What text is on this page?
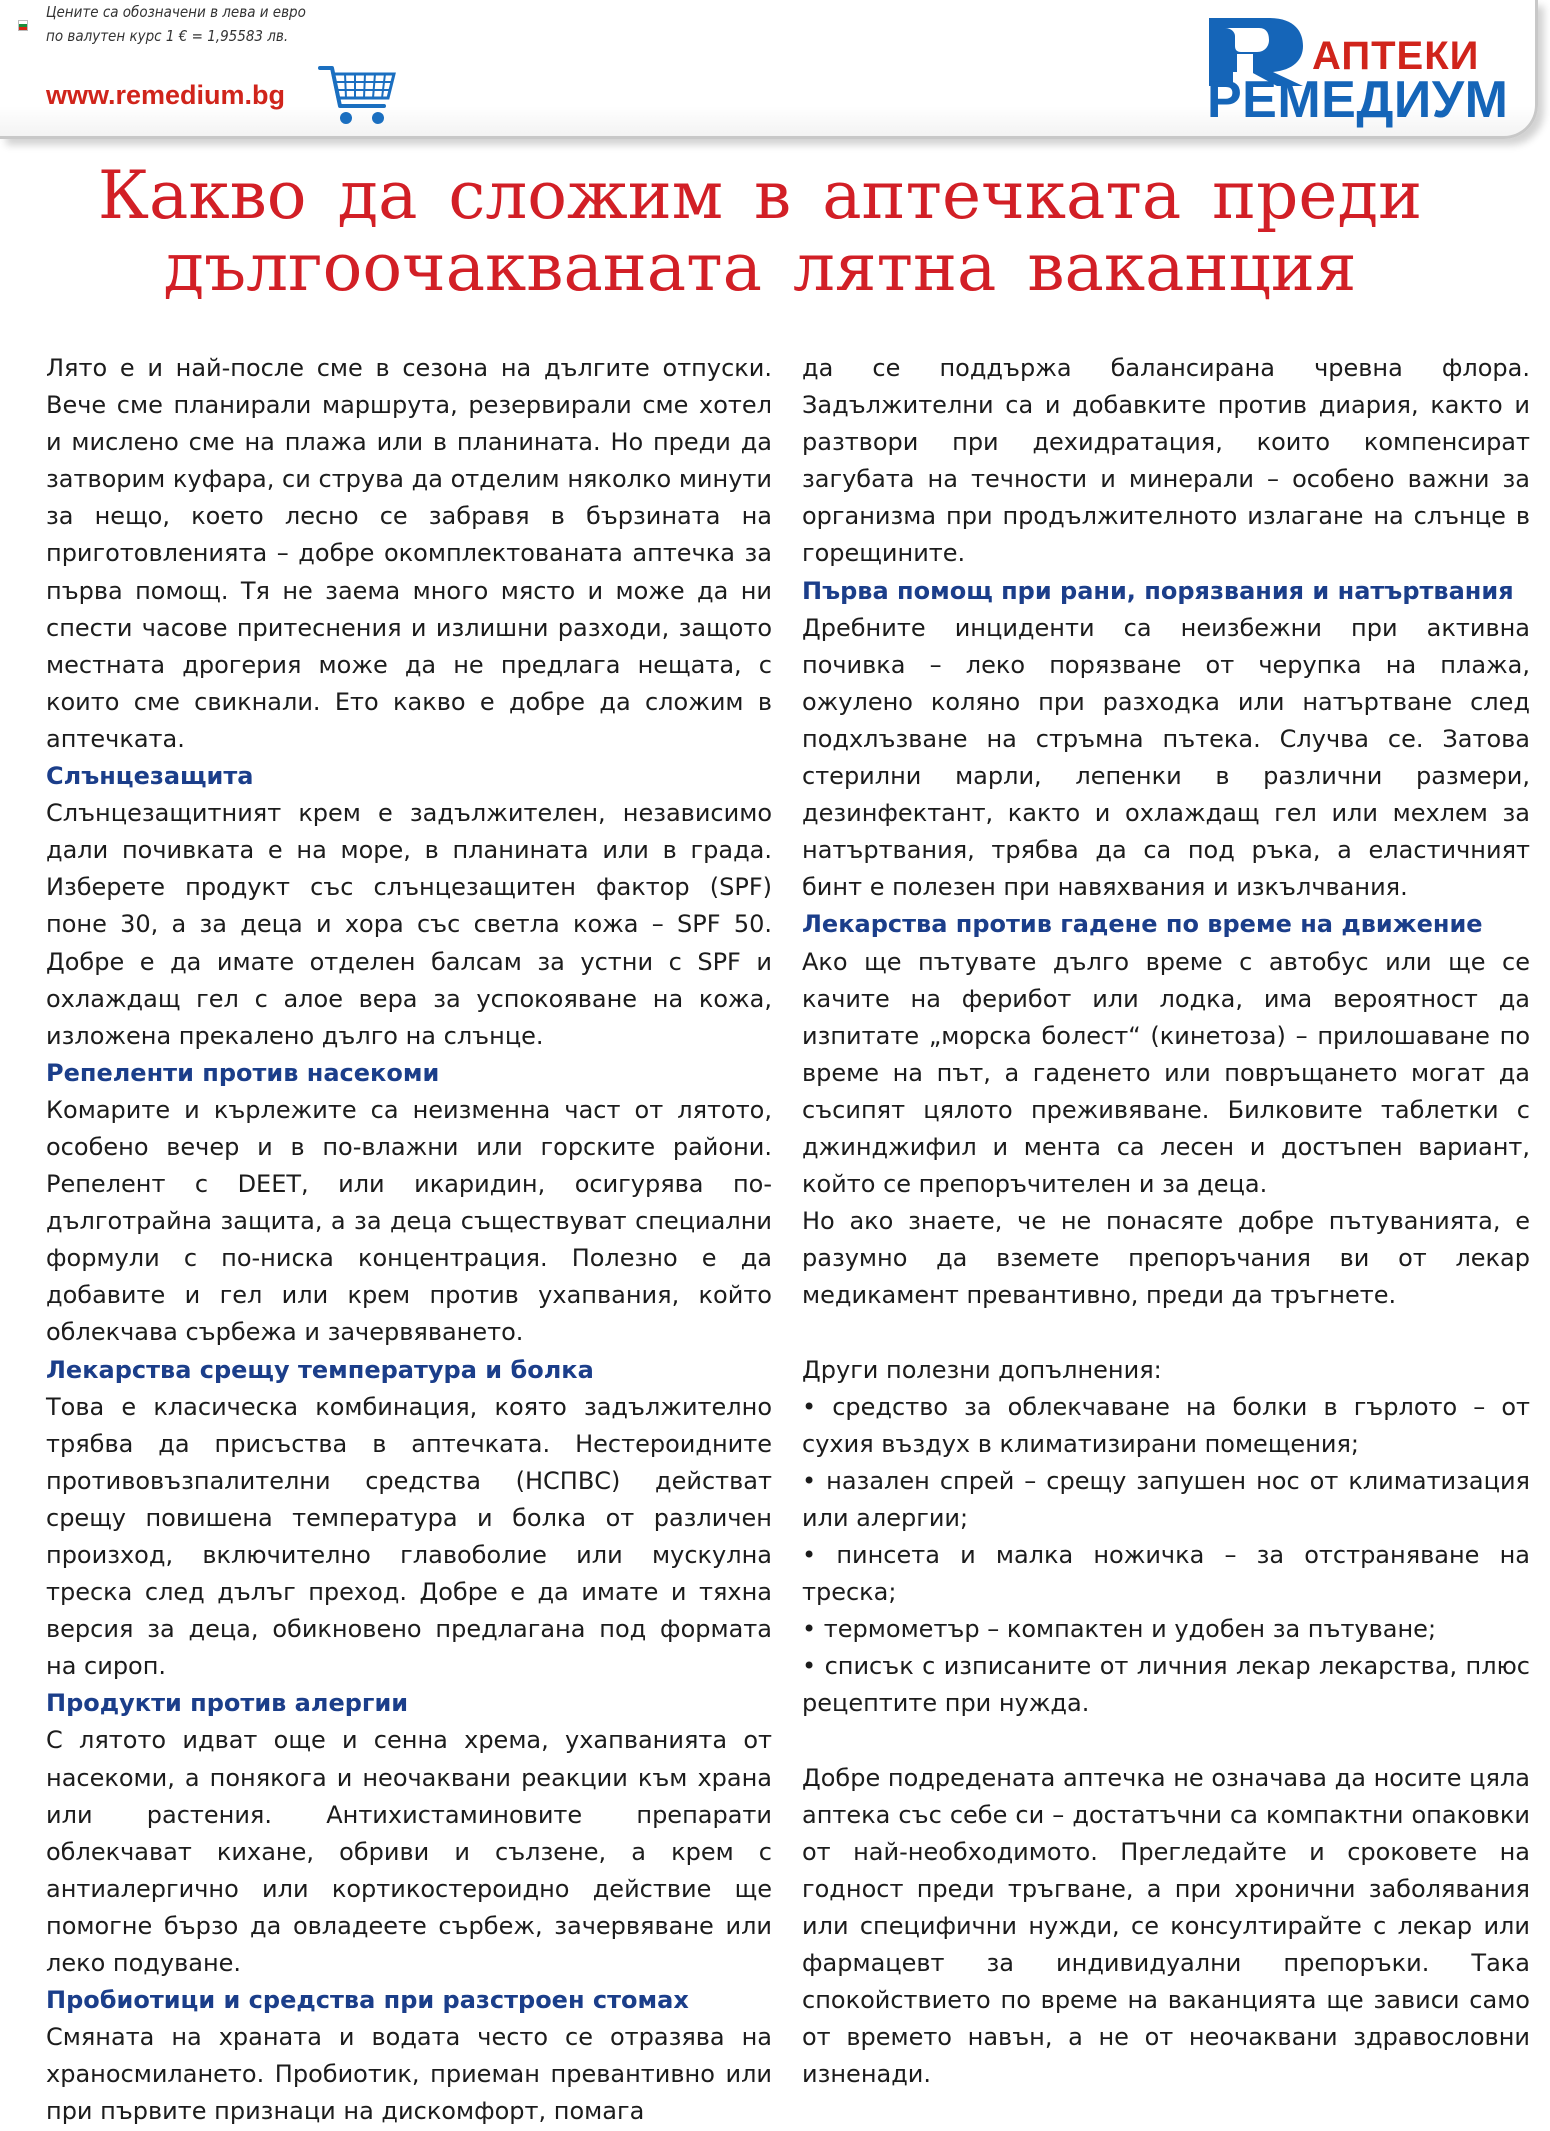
Цените са обозначени в лева и евро
по валутен курс 1 € = 1,95583 лв.
www.remedium.bg
АПТЕКИ
РЕМЕДИУМ
Какво да сложим в аптечката преди
дългоочакваната лятна ваканция

Лято е и най-после сме в сезона на дългите отпуски. Вече сме планирали маршрута, резервирали сме хотел и мислено сме на плажа или в планината. Но преди да затворим куфара, си струва да отделим няколко минути за нещо, което лесно се забравя в бързината на приготовленията – добре окомплектованата аптечка за първа помощ. Тя не заема много място и може да ни спести часове притеснения и излишни разходи, защото местната дрогерия може да не предлага нещата, с които сме свикнали. Ето какво е добре да сложим в аптечката.

Слънцезащита

Слънцезащитният крем е задължителен, независимо дали почивката е на море, в планината или в града. Изберете продукт със слънцезащитен фактор (SPF) поне 30, а за деца и хора със светла кожа – SPF 50. Добре е да имате отделен балсам за устни с SPF и охлаждащ гел с алое вера за успокояване на кожа, изложена прекалено дълго на слънце.

Репеленти против насекоми

Комарите и кърлежите са неизменна част от лятото, особено вечер и в по-влажни или горските райони. Репелент с DEET, или икаридин, осигурява по-дълготрайна защита, а за деца съществуват специални формули с по-ниска концентрация. Полезно е да добавите и гел или крем против ухапвания, който облекчава сърбежа и зачервяването.

Лекарства срещу температура и болка

Това е класическа комбинация, която задължително трябва да присъства в аптечката. Нестероидните противовъзпалителни средства (НСПВС) действат срещу повишена температура и болка от различен произход, включително главоболие или мускулна треска след дълъг преход. Добре е да имате и тяхна версия за деца, обикновено предлагана под формата на сироп.

Продукти против алергии

С лятото идват още и сенна хрема, ухапванията от насекоми, а понякога и неочаквани реакции към храна или растения. Антихистаминовите препарати облекчават кихане, обриви и сълзене, а крем с антиалергично или кортикостероидно действие ще помогне бързо да овладеете сърбеж, зачервяване или леко подуване.

Пробиотици и средства при разстроен стомах

Смяната на храната и водата често се отразява на храносмилането. Пробиотик, приеман превантивно или при първите признаци на дискомфорт, помага

да се поддържа балансирана чревна флора. Задължителни са и добавките против диария, както и разтвори при дехидратация, които компенсират загубата на течности и минерали – особено важни за организма при продължителното излагане на слънце в горещините.

Първа помощ при рани, порязвания и натъртвания

Дребните инциденти са неизбежни при активна почивка – леко порязване от черупка на плажа, ожулено коляно при разходка или натъртване след подхлъзване на стръмна пътека. Случва се. Затова стерилни марли, лепенки в различни размери, дезинфектант, както и охлаждащ гел или мехлем за натъртвания, трябва да са под ръка, а еластичният бинт е полезен при навяхвания и изкълчвания.

Лекарства против гадене по време на движение

Ако ще пътувате дълго време с автобус или ще се качите на ферибот или лодка, има вероятност да изпитате „морска болест“ (кинетоза) – прилошаване по време на път, а гаденето или повръщането могат да съсипят цялото преживяване. Билковите таблетки с джинджифил и мента са лесен и достъпен вариант, който се препоръчителен и за деца.

Но ако знаете, че не понасяте добре пътуванията, е разумно да вземете препоръчания ви от лекар медикамент превантивно, преди да тръгнете.

Други полезни допълнения:

• средство за облекчаване на болки в гърлото – от сухия въздух в климатизирани помещения;
• назален спрей – срещу запушен нос от климатизация или алергии;
• пинсета и малка ножичка – за отстраняване на треска;
• термометър – компактен и удобен за пътуване;
• списък с изписаните от личния лекар лекарства, плюс рецептите при нужда.

Добре подредената аптечка не означава да носите цяла аптека със себе си – достатъчни са компактни опаковки от най-необходимото. Прегледайте и сроковете на годност преди тръгване, а при хронични заболявания или специфични нужди, се консултирайте с лекар или фармацевт за индивидуални препоръки. Така спокойствието по време на ваканцията ще зависи само от времето навън, а не от неочаквани здравословни изненади.
